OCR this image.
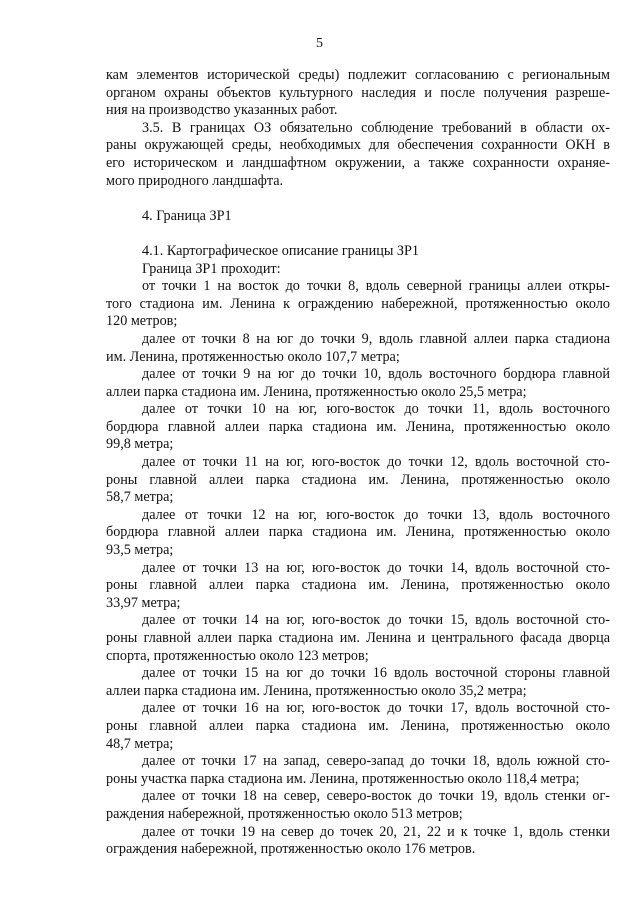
5

кам элементов исторической среды) подлежит согласованию с региональным
органом охраны объектов культурного наследия и после получения разреше-
ния на производство указанных работ.

3.5. В границах ОЗ обязательно соблюдение требований в области ох-
раны окружающей среды, необходимых для обеспечения сохранности ОКН в
его историческом и ландшафтном окружении, а также сохранности охраняе-
мого природного ландшафта.

4. Граница ЗР1

4.1. Картографическое описание границы ЗР1

Граница ЗР1 проходит:

от точки 1 на восток до точки 8, вдоль северной границы аллеи откры-
того стадиона им. Ленина к ограждению набережной, протяженностью около
120 метров;

далее от точки 8 на юг до точки 9, вдоль главной аллеи парка стадиона
им. Ленина, протяженностью около 107,7 метра;

далее от точки 9 на юг до точки 10, вдоль восточного бордюра главной
аллеи парка стадиона им. Ленина, протяженностью около 25,5 метра;

далее от точки 10 на юг, юго-восток до точки 11, вдоль восточного
бордюра главной аллеи парка стадиона им. Ленина, протяженностью около
99,8 метра;

далее от точки 11 на юг, юго-восток до точки 12, вдоль восточной сто-
роны главной аллеи парка стадиона им. Ленина, протяженностью около
58,7 метра;

далее от точки 12 на юг, юго-восток до точки 13, вдоль восточного
бордюра главной аллеи парка стадиона им. Ленина, протяженностью около
93,5 метра;

далее от точки 13 на юг, юго-восток до точки 14, вдоль восточной сто-
роны главной аллеи парка стадиона им. Ленина, протяженностью около
33,97 метра;

далее от точки 14 на юг, юго-восток до точки 15, вдоль восточной сто-
роны главной аллеи парка стадиона им. Ленина и центрального фасада дворца
спорта, протяженностью около 123 метров;

далее от точки 15 на юг до точки 16 вдоль восточной стороны главной
аллеи парка стадиона им. Ленина, протяженностью около 35,2 метра;

далее от точки 16 на юг, юго-восток до точки 17, вдоль восточной сто-
роны главной аллеи парка стадиона им. Ленина, протяженностью около
48,7 метра;

далее от точки 17 на запад, северо-запад до точки 18, вдоль южной сто-
роны участка парка стадиона им. Ленина, протяженностью около 118,4 метра;

далее от точки 18 на север, северо-восток до точки 19, вдоль стенки ог-
раждения набережной, протяженностью около 513 метров;

далее от точки 19 на север до точек 20, 21, 22 и к точке 1, вдоль стенки
ограждения набережной, протяженностью около 176 метров.
